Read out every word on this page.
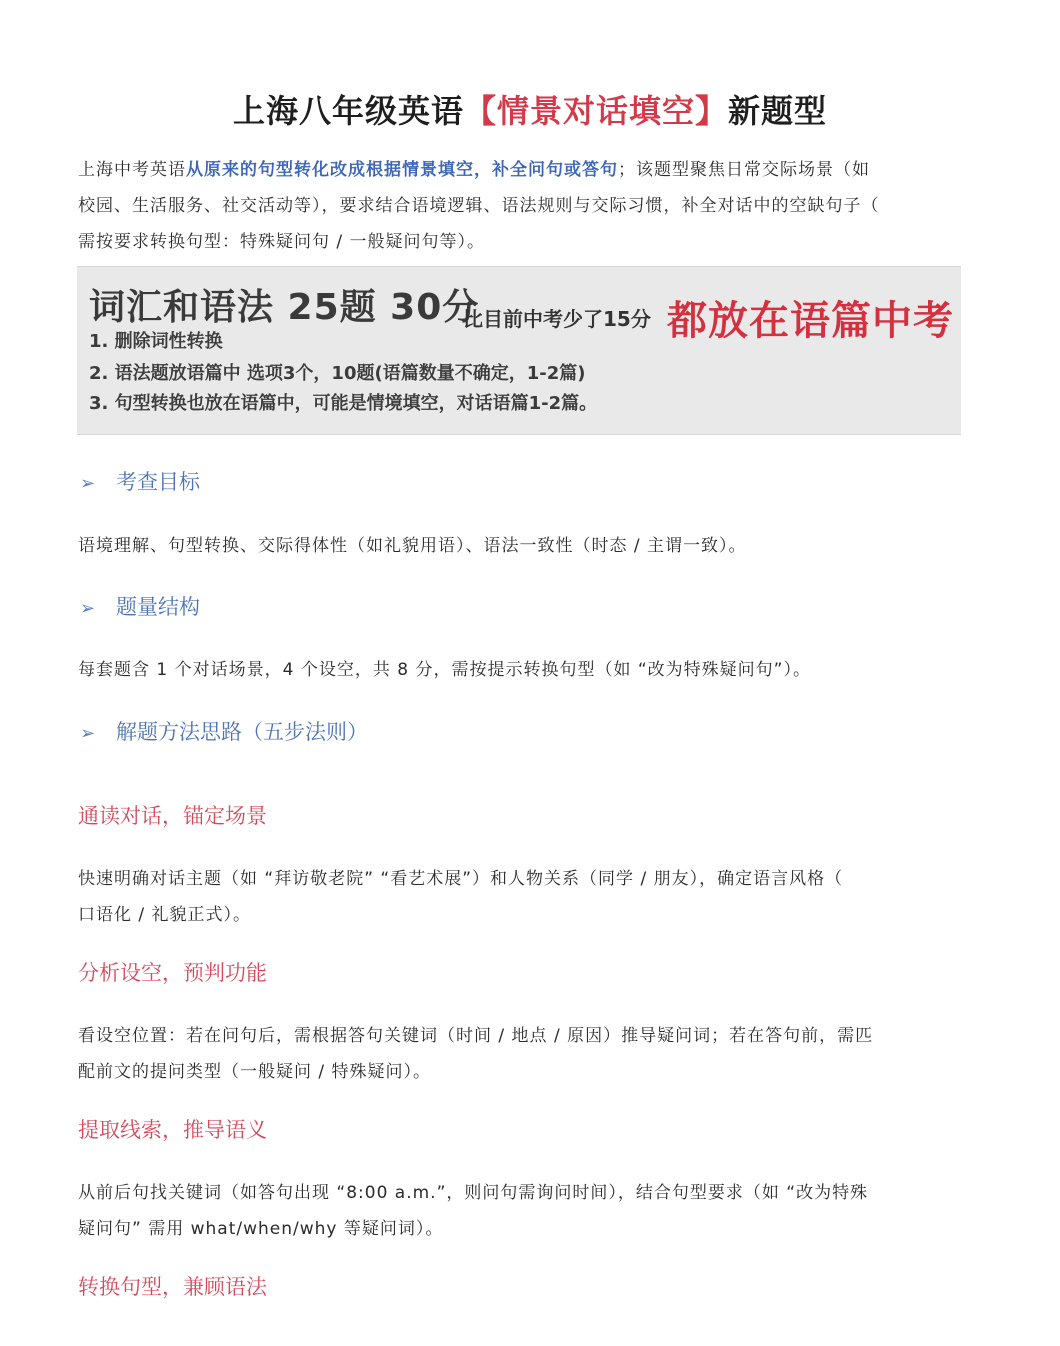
上海八年级英语【情景对话填空】新题型
上海中考英语从原来的句型转化改成根据情景填空，补全问句或答句；该题型聚焦日常交际场景（如
校园、生活服务、社交活动等），要求结合语境逻辑、语法规则与交际习惯，补全对话中的空缺句子（
需按要求转换句型：特殊疑问句 / 一般疑问句等）。
词汇和语法 25题 30分
比目前中考少了15分 都放在语篇中考
1. 删除词性转换
2. 语法题放语篇中 选项3个，10题(语篇数量不确定，1-2篇)
3. 句型转换也放在语篇中，可能是情境填空，对话语篇1-2篇。
➢ 考查目标
语境理解、句型转换、交际得体性（如礼貌用语）、语法一致性（时态 / 主谓一致）。
➢ 题量结构
每套题含 1 个对话场景，4 个设空，共 8 分，需按提示转换句型（如 “改为特殊疑问句”）。
➢ 解题方法思路（五步法则）
通读对话，锚定场景
快速明确对话主题（如 “拜访敬老院” “看艺术展”）和人物关系（同学 / 朋友），确定语言风格（
口语化 / 礼貌正式）。
分析设空，预判功能
看设空位置：若在问句后，需根据答句关键词（时间 / 地点 / 原因）推导疑问词；若在答句前，需匹
配前文的提问类型（一般疑问 / 特殊疑问）。
提取线索，推导语义
从前后句找关键词（如答句出现 “8:00 a.m.”，则问句需询问时间），结合句型要求（如 “改为特殊
疑问句” 需用 what/when/why 等疑问词）。
转换句型，兼顾语法
